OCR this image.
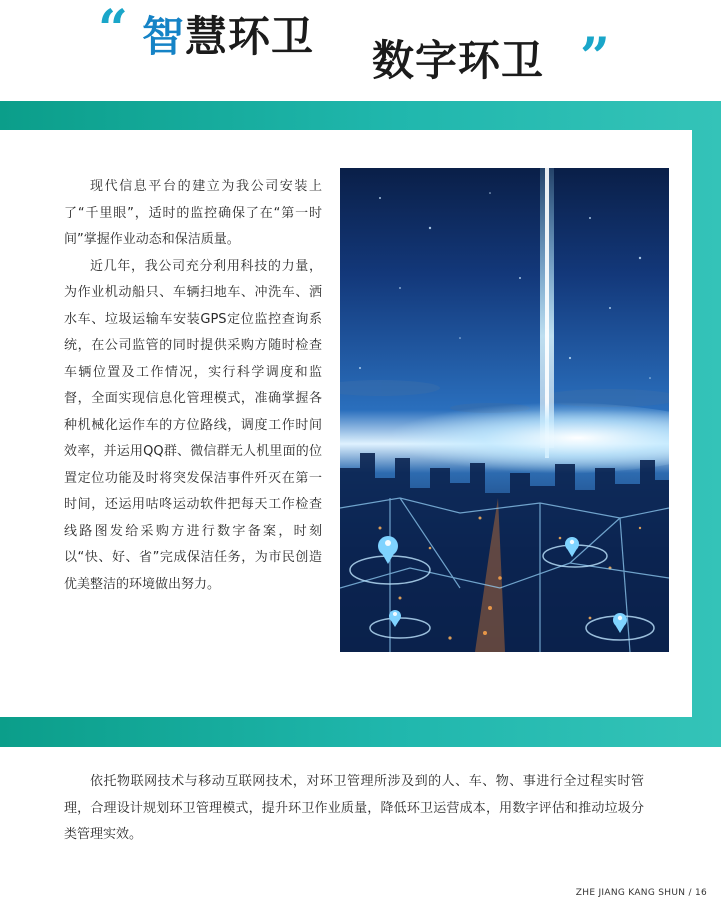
“ 智慧环卫 数字环卫 ”

现代信息平台的建立为我公司安装上了“千里眼”，适时的监控确保了在“第一时间”掌握作业动态和保洁质量。

近几年，我公司充分利用科技的力量，为作业机动船只、车辆扫地车、冲洗车、洒水车、垃圾运输车安装GPS定位监控查询系统，在公司监管的同时提供采购方随时检查车辆位置及工作情况，实行科学调度和监督，全面实现信息化管理模式，准确掌握各种机械化运作车的方位路线，调度工作时间效率，并运用QQ群、微信群无人机里面的位置定位功能及时将突发保洁事件歼灭在第一时间，还运用咕咚运动软件把每天工作检查线路图发给采购方进行数字备案，时刻以“快、好、省”完成保洁任务，为市民创造优美整洁的环境做出努力。

依托物联网技术与移动互联网技术，对环卫管理所涉及到的人、车、物、事进行全过程实时管理，合理设计规划环卫管理模式，提升环卫作业质量，降低环卫运营成本，用数字评估和推动垃圾分类管理实效。
ZHE JIANG KANG SHUN / 16
